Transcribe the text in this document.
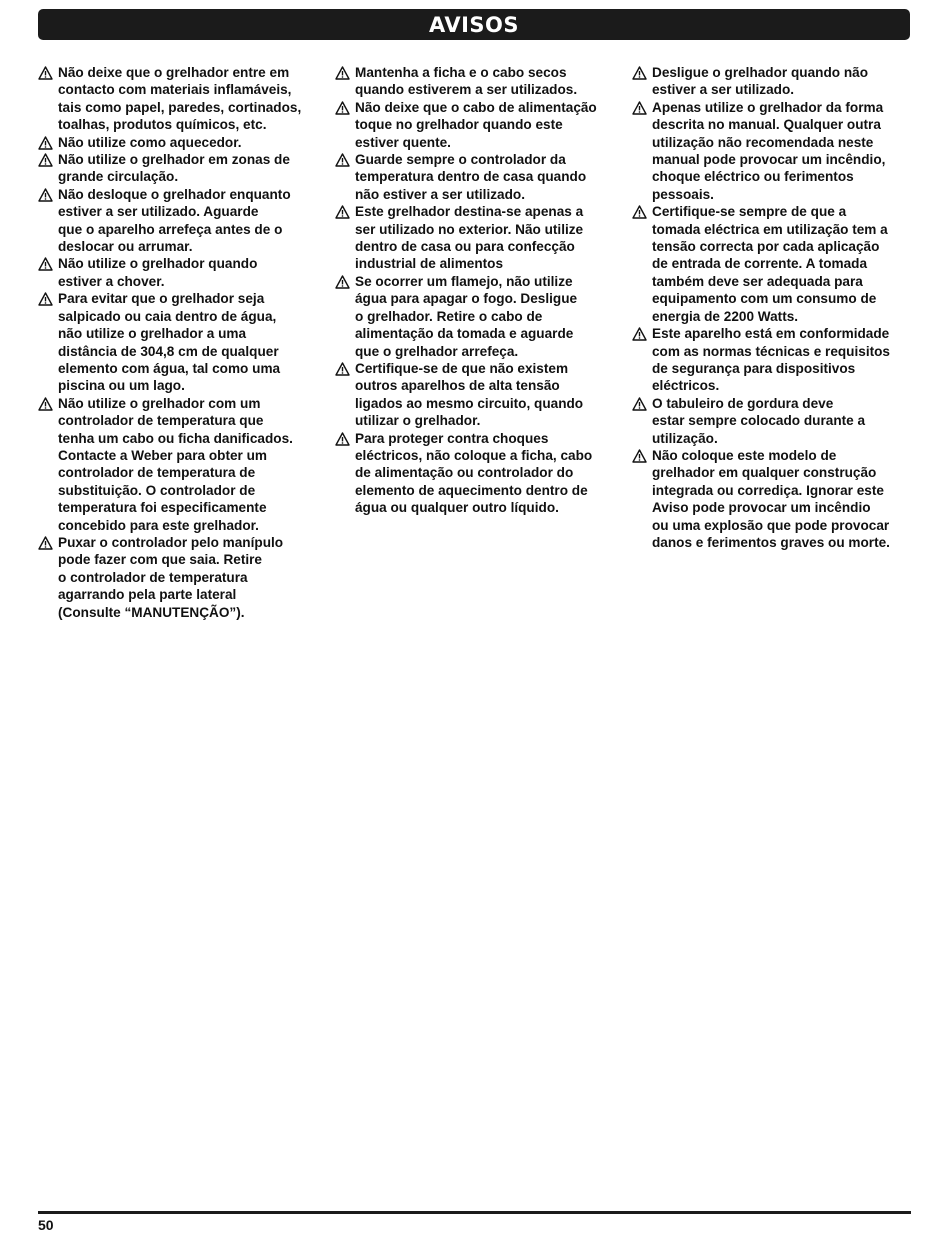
AVISOS
Não deixe que o grelhador entre em
contacto com materiais inflamáveis,
tais como papel, paredes, cortinados,
toalhas, produtos químicos, etc.
Não utilize como aquecedor.
Não utilize o grelhador em zonas de
grande circulação.
Não desloque o grelhador enquanto
estiver a ser utilizado. Aguarde
que o aparelho arrefeça antes de o
deslocar ou arrumar.
Não utilize o grelhador quando
estiver a chover.
Para evitar que o grelhador seja
salpicado ou caia dentro de água,
não utilize o grelhador a uma
distância de 304,8 cm de qualquer
elemento com água, tal como uma
piscina ou um lago.
Não utilize o grelhador com um
controlador de temperatura que
tenha um cabo ou ficha danificados.
Contacte a Weber para obter um
controlador de temperatura de
substituição. O controlador de
temperatura foi especificamente
concebido para este grelhador.
Puxar o controlador pelo manípulo
pode fazer com que saia. Retire
o controlador de temperatura
agarrando pela parte lateral
(Consulte “MANUTENÇÃO”).
Mantenha a ficha e o cabo secos
quando estiverem a ser utilizados.
Não deixe que o cabo de alimentação
toque no grelhador quando este
estiver quente.
Guarde sempre o controlador da
temperatura dentro de casa quando
não estiver a ser utilizado.
Este grelhador destina-se apenas a
ser utilizado no exterior. Não utilize
dentro de casa ou para confecção
industrial de alimentos
Se ocorrer um flamejo, não utilize
água para apagar o fogo. Desligue
o grelhador. Retire o cabo de
alimentação da tomada e aguarde
que o grelhador arrefeça.
Certifique-se de que não existem
outros aparelhos de alta tensão
ligados ao mesmo circuito, quando
utilizar o grelhador.
Para proteger contra choques
eléctricos, não coloque a ficha, cabo
de alimentação ou controlador do
elemento de aquecimento dentro de
água ou qualquer outro líquido.
Desligue o grelhador quando não
estiver a ser utilizado.
Apenas utilize o grelhador da forma
descrita no manual. Qualquer outra
utilização não recomendada neste
manual pode provocar um incêndio,
choque eléctrico ou ferimentos
pessoais.
Certifique-se sempre de que a
tomada eléctrica em utilização tem a
tensão correcta por cada aplicação
de entrada de corrente. A tomada
também deve ser adequada para
equipamento com um consumo de
energia de 2200 Watts.
Este aparelho está em conformidade
com as normas técnicas e requisitos
de segurança para dispositivos
eléctricos.
O tabuleiro de gordura deve
estar sempre colocado durante a
utilização.
Não coloque este modelo de
grelhador em qualquer construção
integrada ou corrediça. Ignorar este
Aviso pode provocar um incêndio
ou uma explosão que pode provocar
danos e ferimentos graves ou morte.
50
